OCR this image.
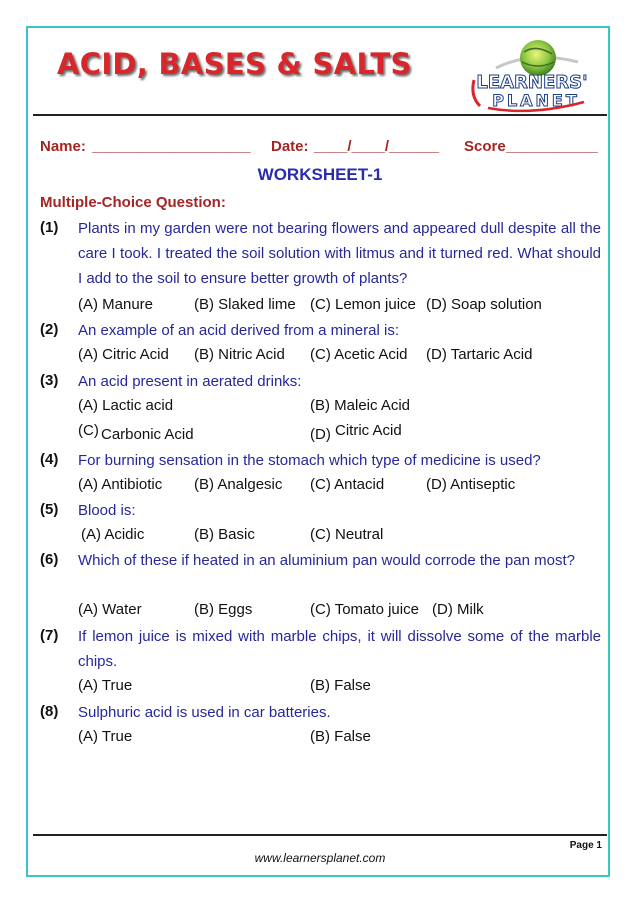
ACID, BASES & SALTS
LEARNERS'
PLANET
Name: ___________________ Date: ____/____/______ Score ___________
WORKSHEET-1
Multiple-Choice Question:
(1) Plants in my garden were not bearing flowers and appeared dull despite all the care I took. I treated the soil solution with litmus and it turned red. What should I add to the soil to ensure better growth of plants?
(A) Manure	(B) Slaked lime (C) Lemon juice (D) Soap solution
(2) An example of an acid derived from a mineral is:
(A) Citric Acid (B) Nitric Acid (C) Acetic Acid (D) Tartaric Acid
(3) An acid present in aerated drinks:
(A) Lactic acid	(B) Maleic Acid
(C) Carbonic Acid	(D) Citric Acid
(4) For burning sensation in the stomach which type of medicine is used?
(A) Antibiotic (B) Analgesic (C) Antacid	(D) Antiseptic
(5) Blood is:
(A) Acidic	(B) Basic	(C) Neutral
(6) Which of these if heated in an aluminium pan would corrode the pan most?
(A) Water	(B) Eggs	(C) Tomato juice (D) Milk
(7) If lemon juice is mixed with marble chips, it will dissolve some of the marble chips.
(A) True	(B) False
(8) Sulphuric acid is used in car batteries.
(A) True	(B) False
Page 1
www.learnersplanet.com
